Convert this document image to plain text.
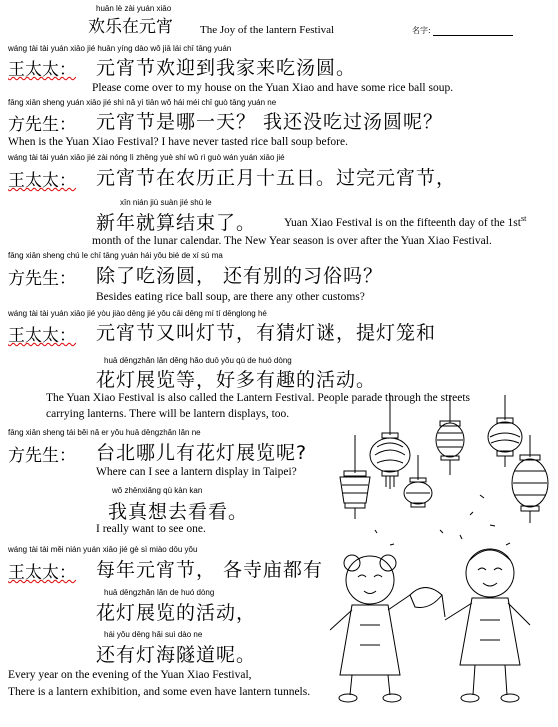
huān lè zài yuán xiāo
欢乐在元宵 The Joy of the lantern Festival	名字:
wáng tài tài yuán xiāo jié huān yíng dào wǒ jiā lái chī tāng yuán
王太太： 元宵节欢迎到我家来吃汤圆。
Please come over to my house on the Yuan Xiao and have some rice ball soup.
fāng xiān sheng yuán xiāo jié shì nǎ yì tiān wǒ hái méi chī guò tāng yuán ne
方先生： 元宵节是哪一天？ 我还没吃过汤圆呢？
When is the Yuan Xiao Festival? I have never tasted rice ball soup before.
wáng tài tài yuán xiāo jié zài nóng lì zhēng yuè shí wǔ rì guò wán yuán xiāo jié
王太太： 元宵节在农历正月十五日。过完元宵节，
xīn nián jiù suàn jié shù le
新年就算结束了。 Yuan Xiao Festival is on the fifteenth day of the $1st^{st}$
month of the lunar calendar. The New Year season is over after the Yuan Xiao Festival.
fāng xiān sheng chú le chī tāng yuán hái yǒu bié de xí sú ma
方先生： 除了吃汤圆， 还有别的习俗吗？
Besides eating rice ball soup, are there any other customs?
wáng tài tài yuán xiāo jié yòu jiào dēng jié yǒu cāi dēng mí tí dēnglong hé
王太太： 元宵节又叫灯节，有猜灯谜，提灯笼和
huā dēngzhǎn lǎn děng hǎo duō yǒu qù de huó dòng
花灯展览等，好多有趣的活动。
The Yuan Xiao Festival is also called the Lantern Festival. People parade through the streets
carrying lanterns. There will be lantern displays, too.
fāng xiān sheng tái běi nǎ er yǒu huā dēngzhǎn lǎn ne
方先生： 台北哪儿有花灯展览呢?
Where can I see a lantern display in Taipei?
wǒ zhēnxiǎng qù kàn kan
我真想去看看。
I really want to see one.
wáng tài tài měi nián yuán xiāo jié gè sì miào dōu yǒu
王太太： 每年元宵节， 各寺庙都有
huā dēngzhǎn lǎn de huó dòng
花灯展览的活动，
hái yǒu dēng hǎi suì dào ne
还有灯海隧道呢。
Every year on the evening of the Yuan Xiao Festival,
There is a lantern exhibition, and some even have lantern tunnels.
